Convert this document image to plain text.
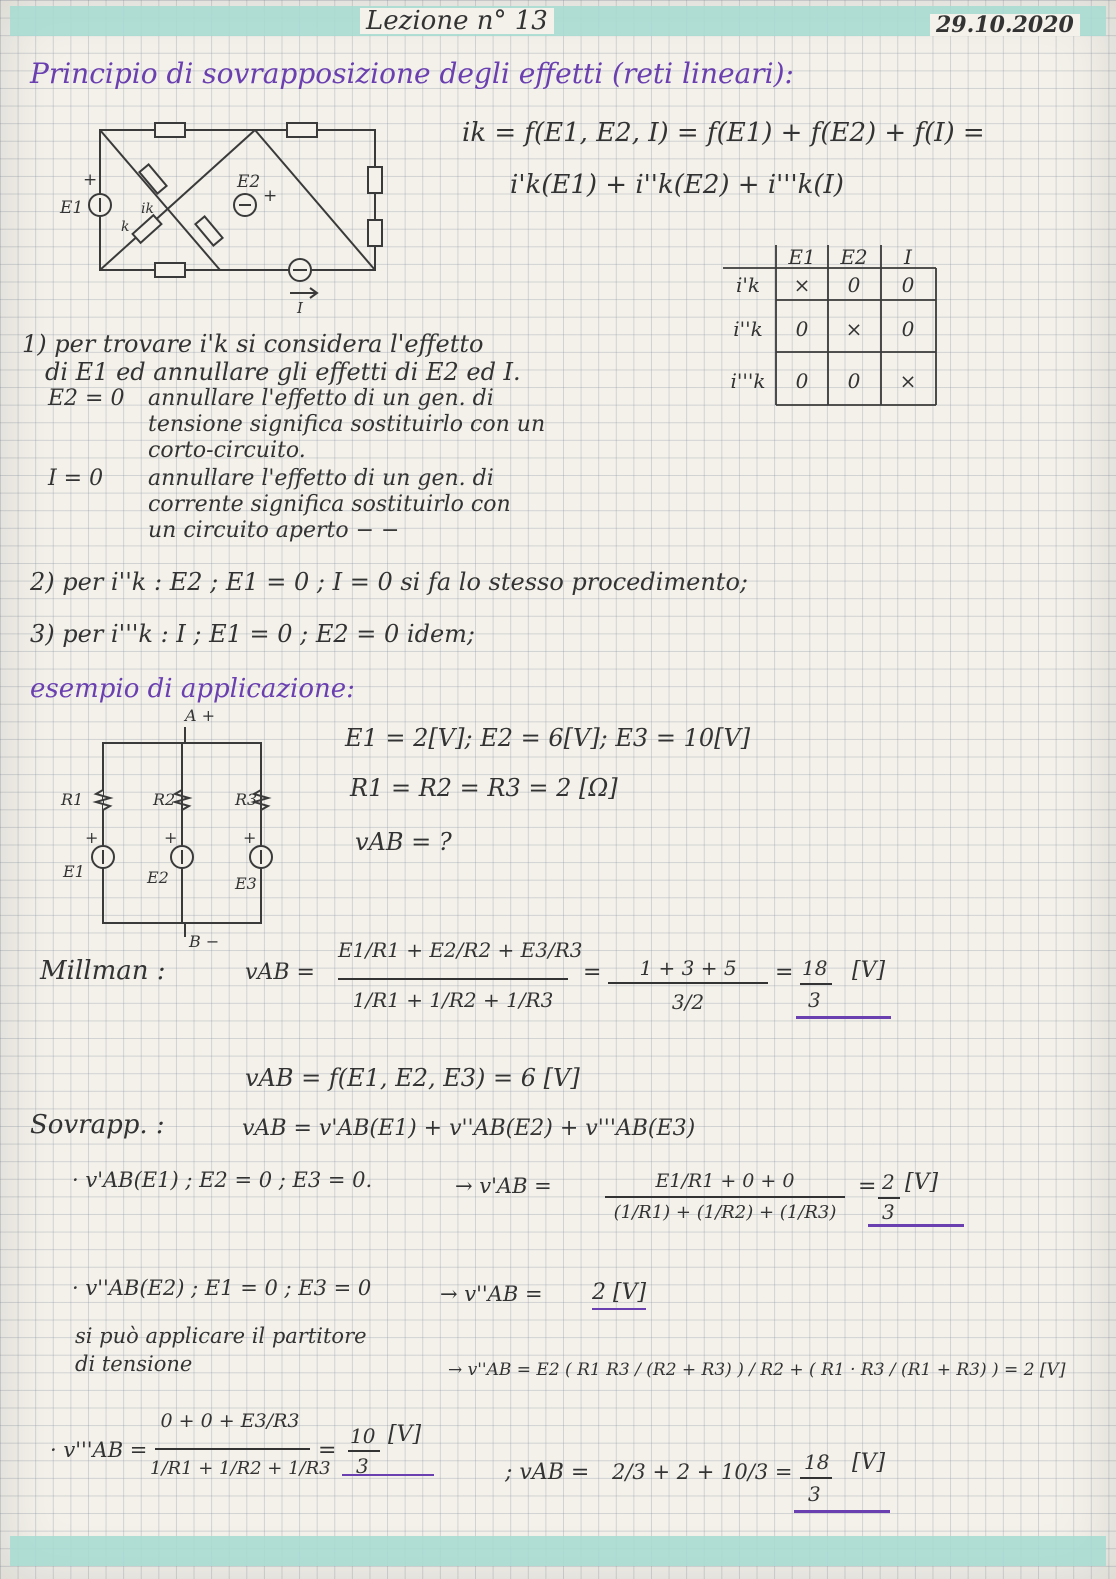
Lezione n° 13	29.10.2020
Principio di sovrapposizione degli effetti (reti lineari):
E1
+	E2
+
ik
k
I
ik = f(E1, E2, I) = f(E1) + f(E2) + f(I) =
i'k(E1) + i''k(E2) + i'''k(I)
E1 E2 I
i'k × 0 0
i''k 0 × 0
i'''k 0 0 ×
1) per trovare i'k si considera l'effetto
di E1 ed annullare gli effetti di E2 ed I.
E2 = 0 annullare l'effetto di un gen. di
tensione significa sostituirlo con un
corto-circuito.
I = 0 annullare l'effetto di un gen. di
corrente significa sostituirlo con
un circuito aperto − −
2) per i''k : E2 ; E1 = 0 ; I = 0 si fa lo stesso procedimento;
3) per i'''k : I ; E1 = 0 ; E2 = 0 idem;
esempio di applicazione:
A +
B −
R1	R2	R3
+	+	+
E1	E2	E3
E1 = 2[V]; E2 = 6[V]; E3 = 10[V]
R1 = R2 = R3 = 2 [Ω]
vAB = ?
Millman :	vAB =
E1/R1 + E2/R2 + E3/R3
1/R1 + 1/R2 + 1/R3
=	1 + 3 + 5
3/2
= 18 [V]
3
vAB = f(E1, E2, E3) = 6 [V]
Sovrapp. :	vAB = v'AB(E1) + v''AB(E2) + v'''AB(E3)
· v'AB(E1) ; E2 = 0 ; E3 = 0.	→ v'AB =	E1/R1 + 0 + 0
(1/R1) + (1/R2) + (1/R3)
= 2 [V]
3
· v''AB(E2) ; E1 = 0 ; E3 = 0	→ v''AB = 2 [V]
si può applicare il partitore
di tensione	→ v''AB = E2 ( R1 R3 / (R2 + R3) ) / R2 + ( R1 · R3 / (R1 + R3) ) = 2 [V]
· v'''AB =
0 + 0 + E3/R3
1/R1 + 1/R2 + 1/R3
=
10 [V]
3	; vAB = 2/3 + 2 + 10/3 = 18 [V]
3
